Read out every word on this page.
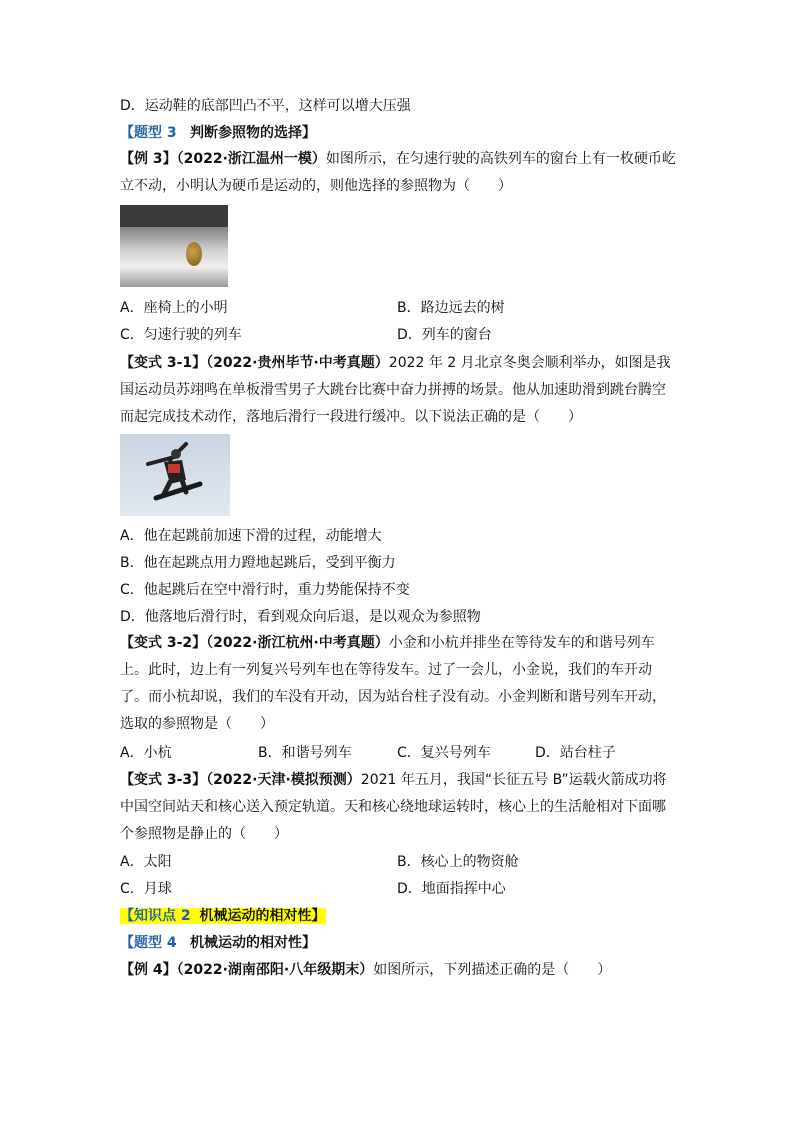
D．运动鞋的底部凹凸不平，这样可以增大压强
【题型 3 判断参照物的选择】
【例 3】（2022·浙江温州一模）如图所示，在匀速行驶的高铁列车的窗台上有一枚硬币屹立不动，小明认为硬币是运动的，则他选择的参照物为（　　）
A．座椅上的小明	B．路边远去的树
C．匀速行驶的列车	D．列车的窗台
【变式 3-1】（2022·贵州毕节·中考真题）2022 年 2 月北京冬奥会顺利举办，如图是我国运动员苏翊鸣在单板滑雪男子大跳台比赛中奋力拼搏的场景。他从加速助滑到跳台腾空而起完成技术动作，落地后滑行一段进行缓冲。以下说法正确的是（　　）
A．他在起跳前加速下滑的过程，动能增大
B．他在起跳点用力蹬地起跳后，受到平衡力
C．他起跳后在空中滑行时，重力势能保持不变
D．他落地后滑行时，看到观众向后退，是以观众为参照物
【变式 3-2】（2022·浙江杭州·中考真题）小金和小杭并排坐在等待发车的和谐号列车上。此时，边上有一列复兴号列车也在等待发车。过了一会儿，小金说，我们的车开动了。而小杭却说，我们的车没有开动，因为站台柱子没有动。小金判断和谐号列车开动，选取的参照物是（　　）
A．小杭	B．和谐号列车	C．复兴号列车	D．站台柱子
【变式 3-3】（2022·天津·模拟预测）2021 年五月，我国“长征五号 B”运载火箭成功将中国空间站天和核心送入预定轨道。天和核心绕地球运转时，核心上的生活舱相对下面哪个参照物是静止的（　　）
A．太阳	B．核心上的物资舱
C．月球	D．地面指挥中心
【知识点 2 机械运动的相对性】
【题型 4 机械运动的相对性】
【例 4】（2022·湖南邵阳·八年级期末）如图所示，下列描述正确的是（　　）
